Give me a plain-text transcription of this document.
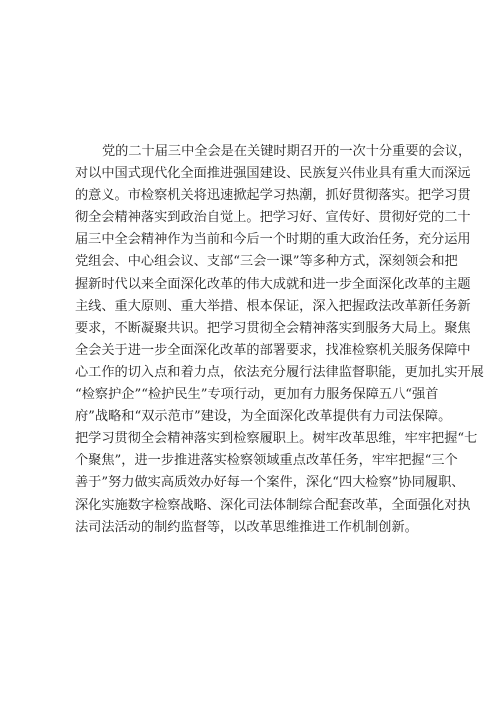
党的二十届三中全会是在关键时期召开的一次十分重要的会议，
对以中国式现代化全面推进强国建设、民族复兴伟业具有重大而深远
的意义。市检察机关将迅速掀起学习热潮，抓好贯彻落实。把学习贯
彻全会精神落实到政治自觉上。把学习好、宣传好、贯彻好党的二十
届三中全会精神作为当前和今后一个时期的重大政治任务，充分运用
党组会、中心组会议、支部“三会一课”等多种方式，深刻领会和把
握新时代以来全面深化改革的伟大成就和进一步全面深化改革的主题
主线、重大原则、重大举措、根本保证，深入把握政法改革新任务新
要求，不断凝聚共识。把学习贯彻全会精神落实到服务大局上。聚焦
全会关于进一步全面深化改革的部署要求，找准检察机关服务保障中
心工作的切入点和着力点，依法充分履行法律监督职能，更加扎实开展
“检察护企”“检护民生”专项行动，更加有力服务保障五八“强首
府”战略和“双示范市”建设，为全面深化改革提供有力司法保障。
把学习贯彻全会精神落实到检察履职上。树牢改革思维，牢牢把握“七
个聚焦”，进一步推进落实检察领域重点改革任务，牢牢把握“三个
善于”努力做实高质效办好每一个案件，深化“四大检察”协同履职、
深化实施数字检察战略、深化司法体制综合配套改革，全面强化对执
法司法活动的制约监督等，以改革思维推进工作机制创新。
